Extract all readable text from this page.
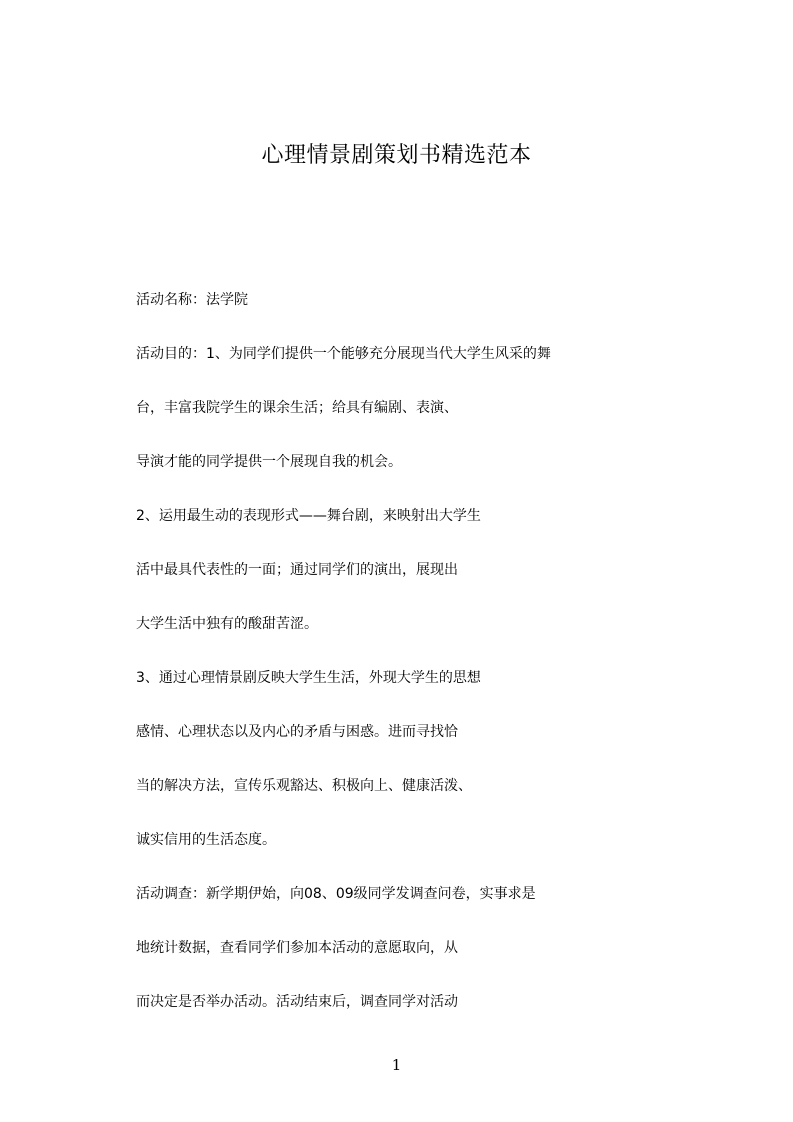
心理情景剧策划书精选范本
活动名称：法学院
活动目的：1、为同学们提供一个能够充分展现当代大学生风采的舞
台，丰富我院学生的课余生活；给具有编剧、表演、
导演才能的同学提供一个展现自我的机会。
2、运用最生动的表现形式——舞台剧，来映射出大学生
活中最具代表性的一面；通过同学们的演出，展现出
大学生活中独有的酸甜苦涩。
3、通过心理情景剧反映大学生生活，外现大学生的思想
感情、心理状态以及内心的矛盾与困惑。进而寻找恰
当的解决方法，宣传乐观豁达、积极向上、健康活泼、
诚实信用的生活态度。
活动调查：新学期伊始，向08、09级同学发调查问卷，实事求是
地统计数据，查看同学们参加本活动的意愿取向，从
而决定是否举办活动。活动结束后，调查同学对活动
1
